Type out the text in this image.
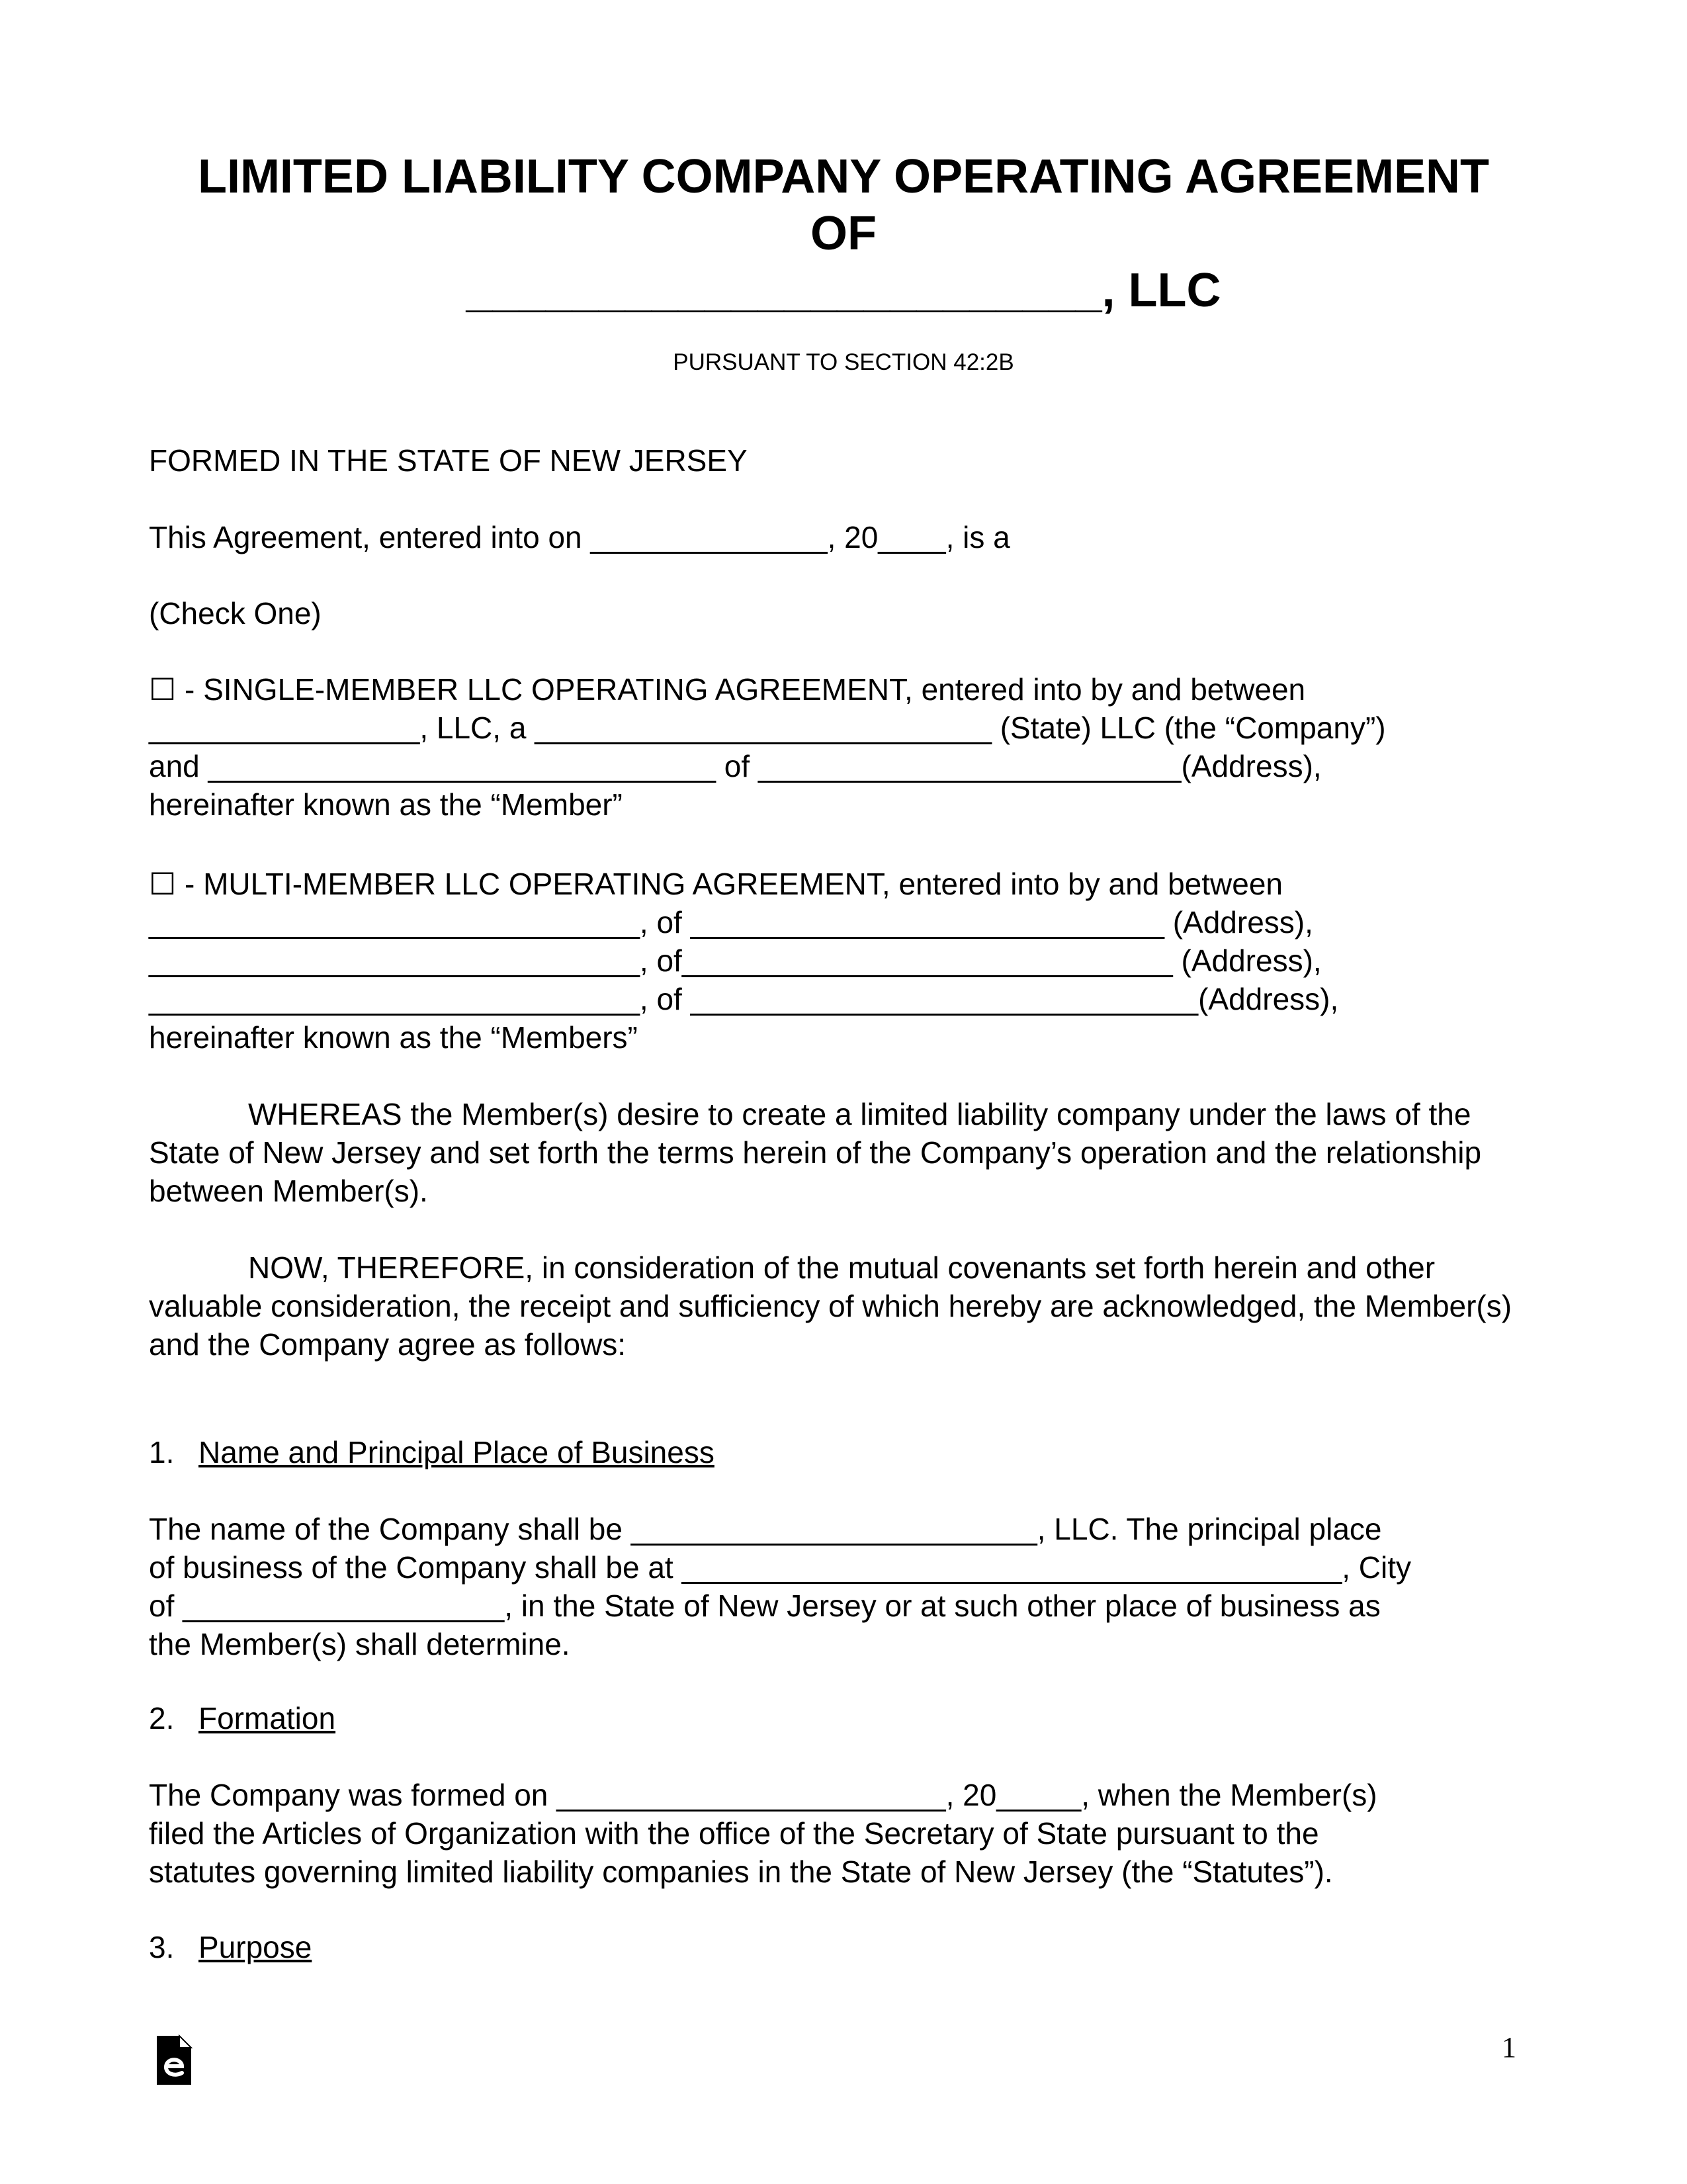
LIMITED LIABILITY COMPANY OPERATING AGREEMENT

OF

________________________, LLC

PURSUANT TO SECTION 42:2B

FORMED IN THE STATE OF NEW JERSEY

This Agreement, entered into on ______________, 20____, is a

(Check One)

☐ - SINGLE-MEMBER LLC OPERATING AGREEMENT, entered into by and between

________________, LLC, a ___________________________ (State) LLC (the “Company”)

and ______________________________ of _________________________(Address),

hereinafter known as the “Member”

☐ - MULTI-MEMBER LLC OPERATING AGREEMENT, entered into by and between

_____________________________, of ____________________________ (Address),

_____________________________, of_____________________________ (Address),

_____________________________, of ______________________________(Address),

hereinafter known as the “Members”

WHEREAS the Member(s) desire to create a limited liability company under the laws of the State of New Jersey and set forth the terms herein of the Company’s operation and the relationship between Member(s).

NOW, THEREFORE, in consideration of the mutual covenants set forth herein and other valuable consideration, the receipt and sufficiency of which hereby are acknowledged, the Member(s) and the Company agree as follows:

1. Name and Principal Place of Business

The name of the Company shall be ________________________, LLC. The principal place

of business of the Company shall be at _______________________________________, City

of ___________________, in the State of New Jersey or at such other place of business as

the Member(s) shall determine.

2. Formation

The Company was formed on _______________________, 20_____, when the Member(s)

filed the Articles of Organization with the office of the Secretary of State pursuant to the

statutes governing limited liability companies in the State of New Jersey (the “Statutes”).

3. Purpose

1
